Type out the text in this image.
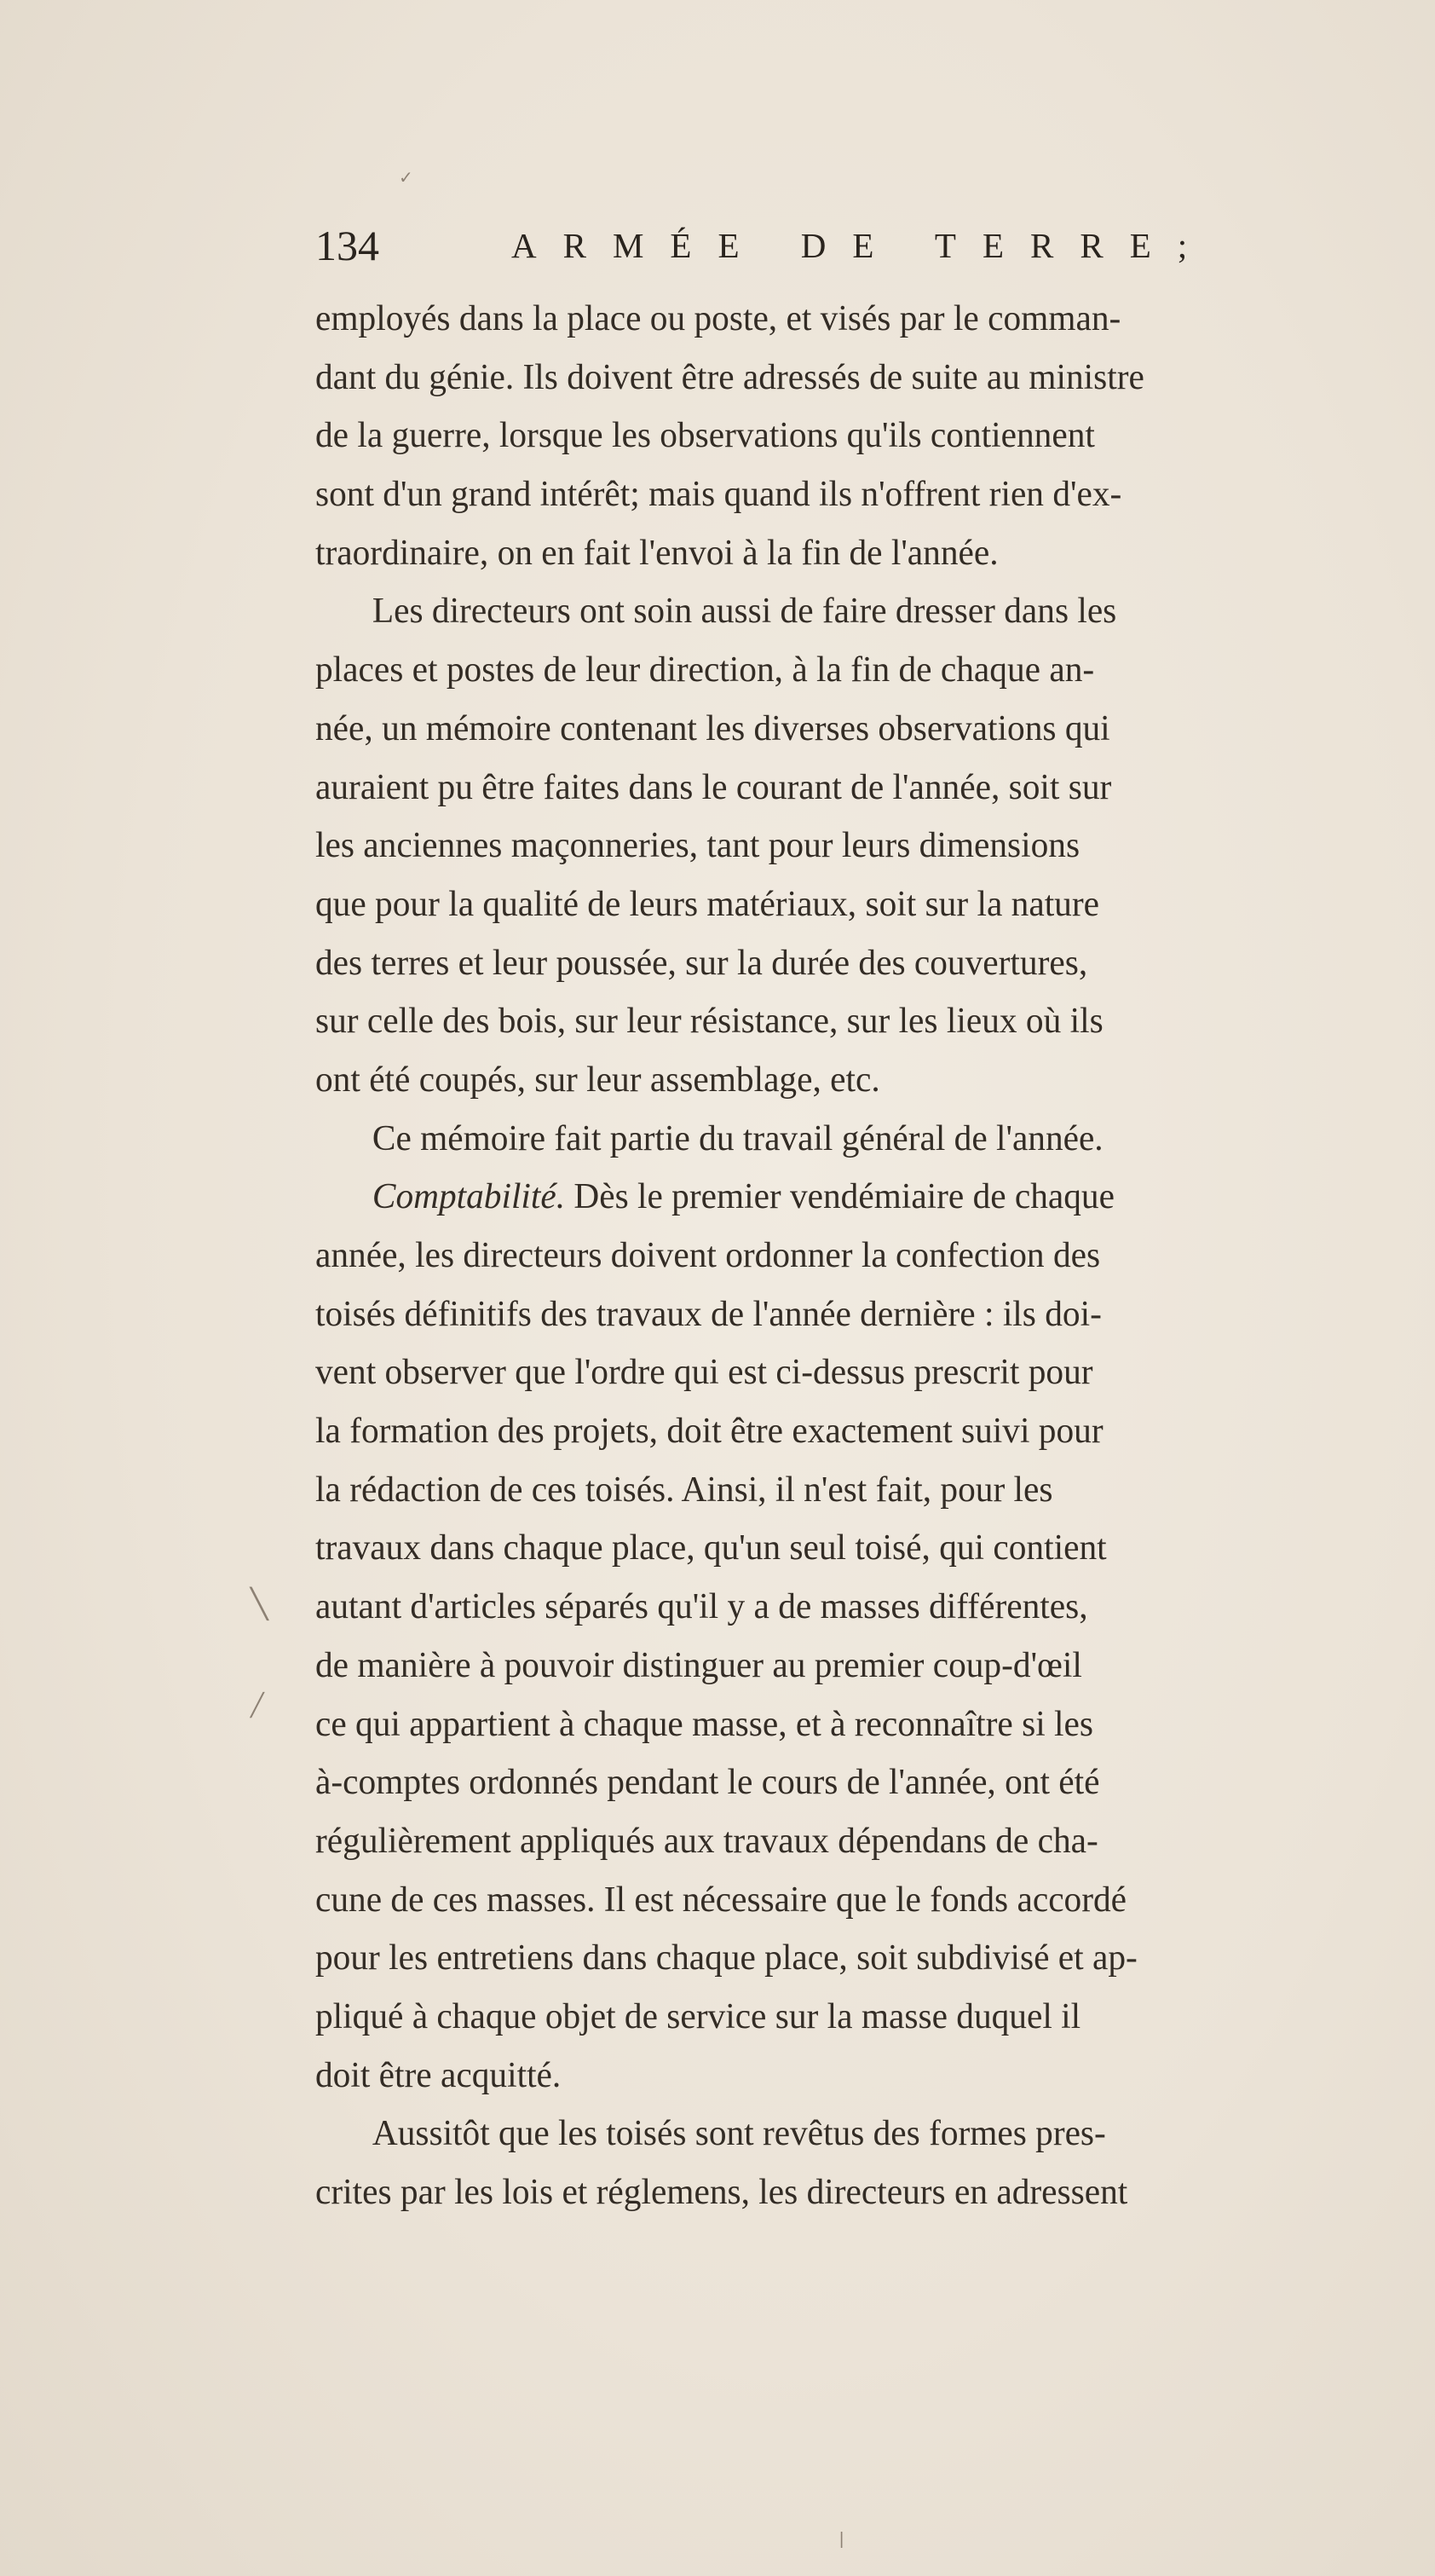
134	ARMÉE DE TERRE;
employés dans la place ou poste, et visés par le comman-
dant du génie. Ils doivent être adressés de suite au ministre
de la guerre, lorsque les observations qu'ils contiennent
sont d'un grand intérêt; mais quand ils n'offrent rien d'ex-
traordinaire, on en fait l'envoi à la fin de l'année.
Les directeurs ont soin aussi de faire dresser dans les
places et postes de leur direction, à la fin de chaque an-
née, un mémoire contenant les diverses observations qui
auraient pu être faites dans le courant de l'année, soit sur
les anciennes maçonneries, tant pour leurs dimensions
que pour la qualité de leurs matériaux, soit sur la nature
des terres et leur poussée, sur la durée des couvertures,
sur celle des bois, sur leur résistance, sur les lieux où ils
ont été coupés, sur leur assemblage, etc.
Ce mémoire fait partie du travail général de l'année.
Comptabilité. Dès le premier vendémiaire de chaque
année, les directeurs doivent ordonner la confection des
toisés définitifs des travaux de l'année dernière : ils doi-
vent observer que l'ordre qui est ci-dessus prescrit pour
la formation des projets, doit être exactement suivi pour
la rédaction de ces toisés. Ainsi, il n'est fait, pour les
travaux dans chaque place, qu'un seul toisé, qui contient
autant d'articles séparés qu'il y a de masses différentes,
de manière à pouvoir distinguer au premier coup-d'œil
ce qui appartient à chaque masse, et à reconnaître si les
à-comptes ordonnés pendant le cours de l'année, ont été
régulièrement appliqués aux travaux dépendans de cha-
cune de ces masses. Il est nécessaire que le fonds accordé
pour les entretiens dans chaque place, soit subdivisé et ap-
pliqué à chaque objet de service sur la masse duquel il
doit être acquitté.
Aussitôt que les toisés sont revêtus des formes pres-
crites par les lois et réglemens, les directeurs en adressent
✓
╲
╱
|
